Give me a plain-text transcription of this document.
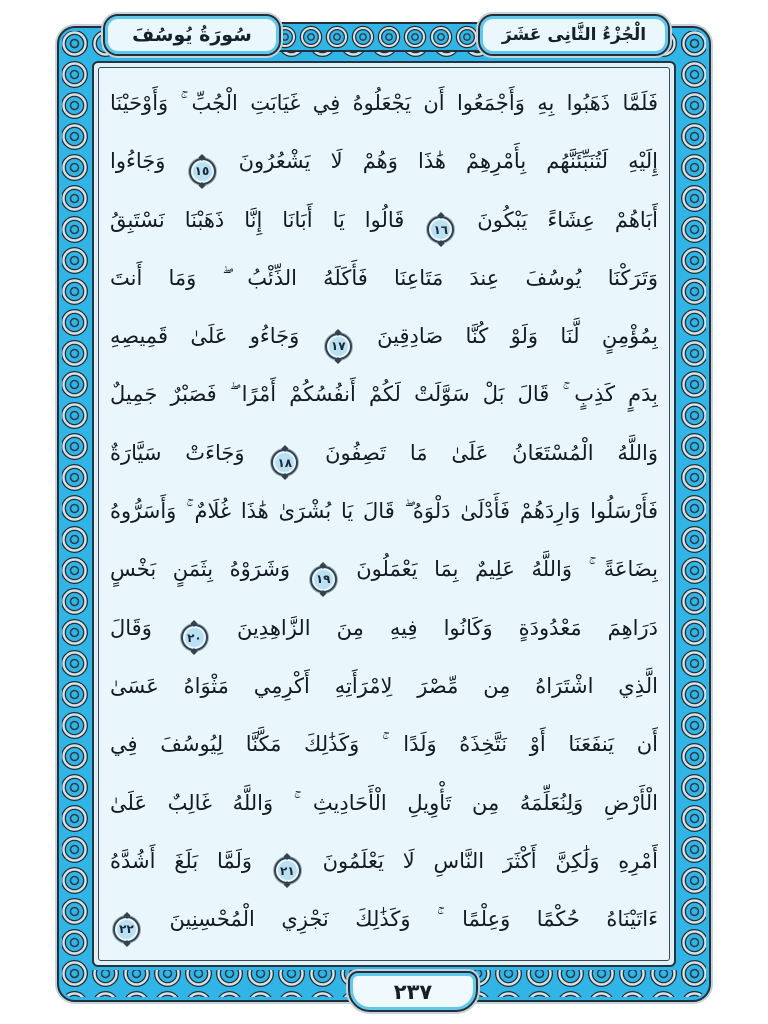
سُورَةُ يُوسُفَ	الْجُزْءُ الثَّانِى عَشَرَ
فَلَمَّا ذَهَبُوا بِهِ وَأَجْمَعُوا أَن يَجْعَلُوهُ فِي غَيَابَتِ الْجُبِّ ۚ وَأَوْحَيْنَا
إِلَيْهِ لَتُنَبِّئَنَّهُم بِأَمْرِهِمْ هَٰذَا وَهُمْ لَا يَشْعُرُونَ
١٥
وَجَاءُوا
أَبَاهُمْ عِشَاءً يَبْكُونَ
١٦
قَالُوا يَا أَبَانَا إِنَّا ذَهَبْنَا نَسْتَبِقُ
وَتَرَكْنَا يُوسُفَ عِندَ مَتَاعِنَا فَأَكَلَهُ الذِّئْبُ ۖ وَمَا أَنتَ
بِمُؤْمِنٍ لَّنَا وَلَوْ كُنَّا صَادِقِينَ
١٧
وَجَاءُو عَلَىٰ قَمِيصِهِ
بِدَمٍ كَذِبٍ ۚ قَالَ بَلْ سَوَّلَتْ لَكُمْ أَنفُسُكُمْ أَمْرًا ۖ فَصَبْرٌ جَمِيلٌ
وَاللَّهُ الْمُسْتَعَانُ عَلَىٰ مَا تَصِفُونَ
١٨
وَجَاءَتْ سَيَّارَةٌ
فَأَرْسَلُوا وَارِدَهُمْ فَأَدْلَىٰ دَلْوَهُ ۖ قَالَ يَا بُشْرَىٰ هَٰذَا غُلَامٌ ۚ وَأَسَرُّوهُ
بِضَاعَةً ۚ وَاللَّهُ عَلِيمٌ بِمَا يَعْمَلُونَ
١٩
وَشَرَوْهُ بِثَمَنٍ بَخْسٍ
دَرَاهِمَ مَعْدُودَةٍ وَكَانُوا فِيهِ مِنَ الزَّاهِدِينَ
٢٠
وَقَالَ
الَّذِي اشْتَرَاهُ مِن مِّصْرَ لِامْرَأَتِهِ أَكْرِمِي مَثْوَاهُ عَسَىٰ
أَن يَنفَعَنَا أَوْ نَتَّخِذَهُ وَلَدًا ۚ وَكَذَٰلِكَ مَكَّنَّا لِيُوسُفَ فِي
الْأَرْضِ وَلِنُعَلِّمَهُ مِن تَأْوِيلِ الْأَحَادِيثِ ۚ وَاللَّهُ غَالِبٌ عَلَىٰ
أَمْرِهِ وَلَٰكِنَّ أَكْثَرَ النَّاسِ لَا يَعْلَمُونَ
٢١
وَلَمَّا بَلَغَ أَشُدَّهُ
ءَاتَيْنَاهُ حُكْمًا وَعِلْمًا ۚ وَكَذَٰلِكَ نَجْزِي الْمُحْسِنِينَ
٢٢
٢٣٧
